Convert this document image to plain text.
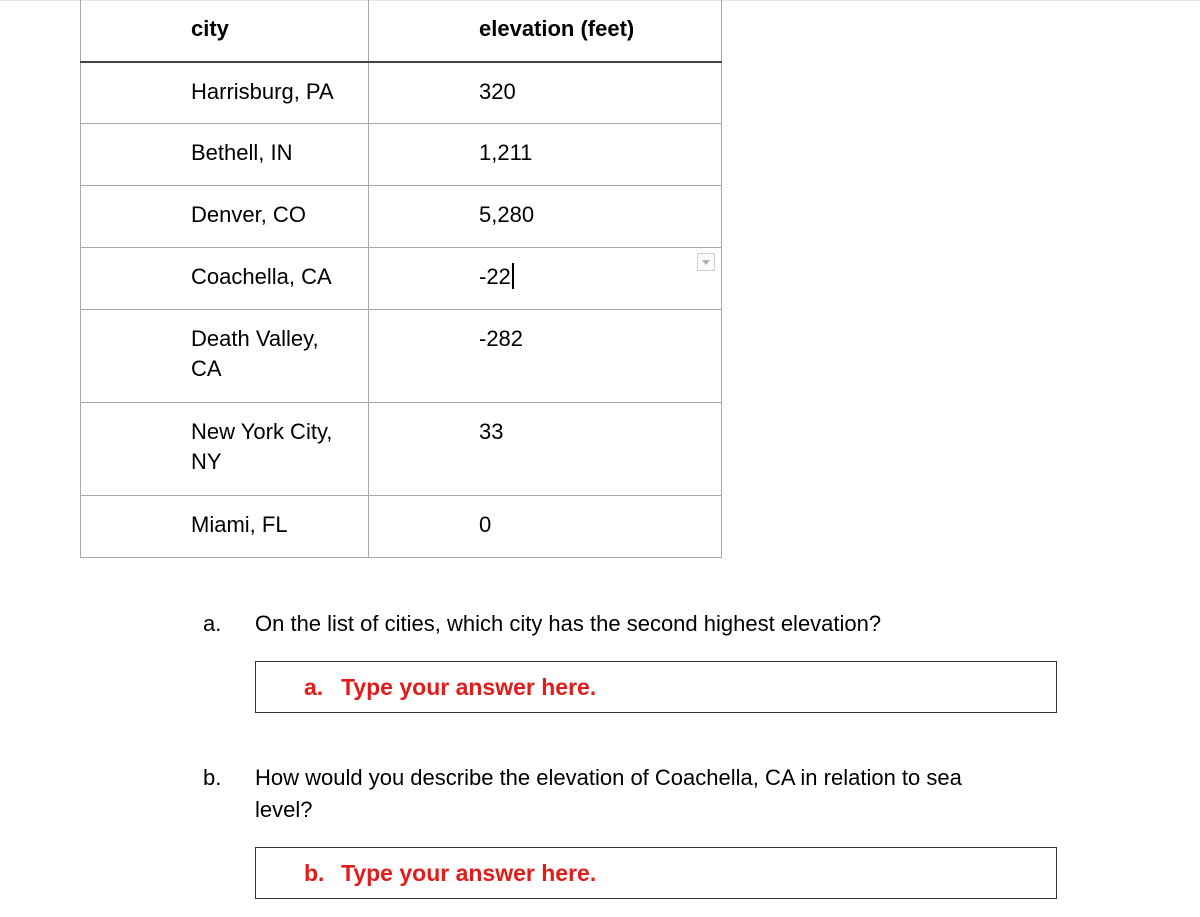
city	elevation (feet)
Harrisburg, PA	320
Bethell, IN	1,211
Denver, CO	5,280
Coachella, CA	-22
Death Valley,
CA	-282
New York City,
NY	33
Miami, FL	0
a. On the list of cities, which city has the second highest elevation?
a. Type your answer here.
b. How would you describe the elevation of Coachella, CA in relation to sea
level?
b. Type your answer here.
